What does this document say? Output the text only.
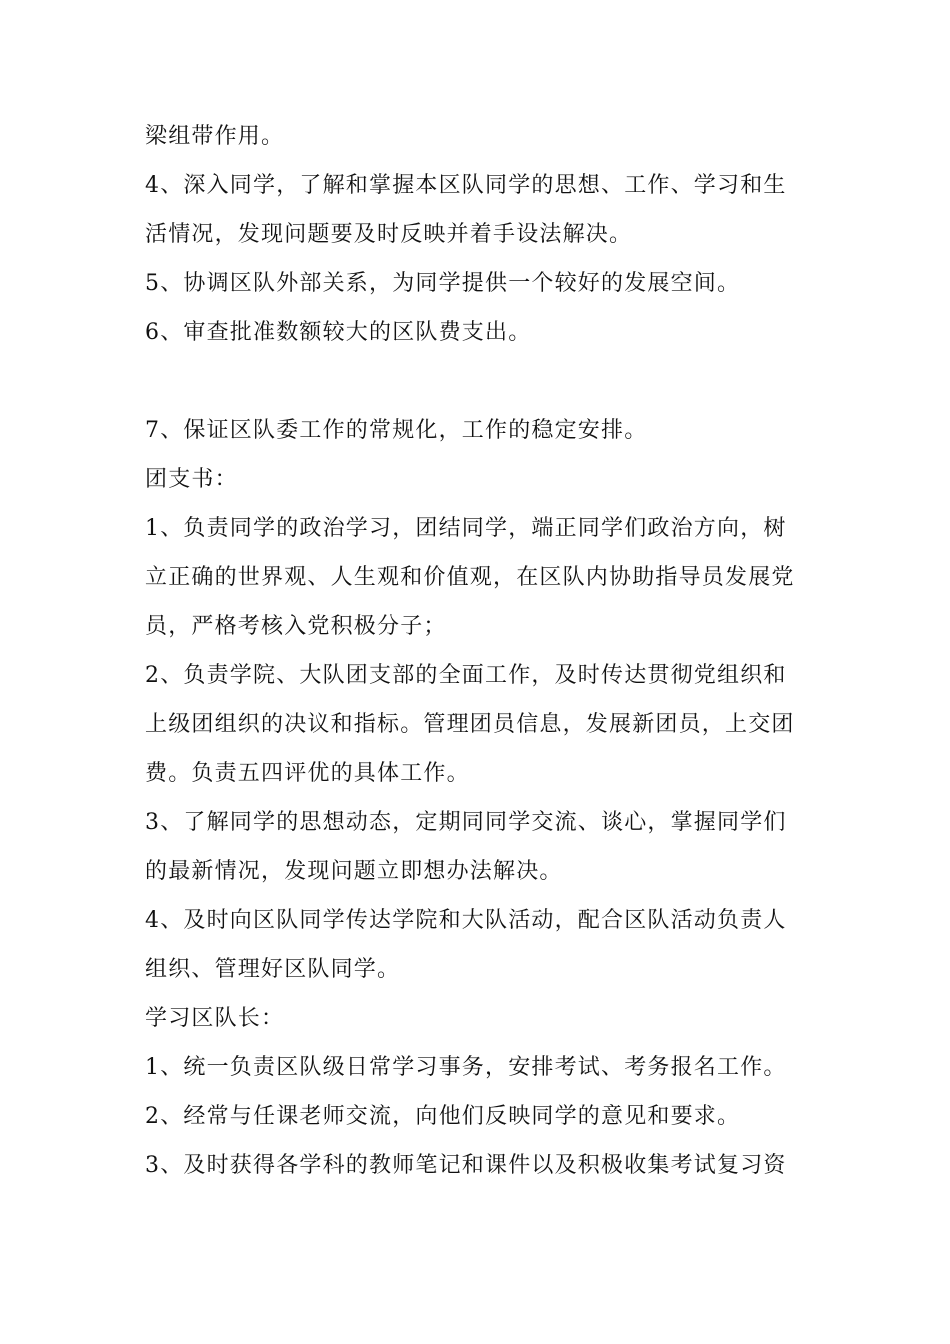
梁组带作用。
4、深入同学，了解和掌握本区队同学的思想、工作、学习和生
活情况，发现问题要及时反映并着手设法解决。
5、协调区队外部关系，为同学提供一个较好的发展空间。
6、审查批准数额较大的区队费支出。
7、保证区队委工作的常规化，工作的稳定安排。
团支书：
1、负责同学的政治学习，团结同学，端正同学们政治方向，树
立正确的世界观、人生观和价值观，在区队内协助指导员发展党
员，严格考核入党积极分子；
2、负责学院、大队团支部的全面工作，及时传达贯彻党组织和
上级团组织的决议和指标。管理团员信息，发展新团员，上交团
费。负责五四评优的具体工作。
3、了解同学的思想动态，定期同同学交流、谈心，掌握同学们
的最新情况，发现问题立即想办法解决。
4、及时向区队同学传达学院和大队活动，配合区队活动负责人
组织、管理好区队同学。
学习区队长：
1、统一负责区队级日常学习事务，安排考试、考务报名工作。
2、经常与任课老师交流，向他们反映同学的意见和要求。
3、及时获得各学科的教师笔记和课件以及积极收集考试复习资
